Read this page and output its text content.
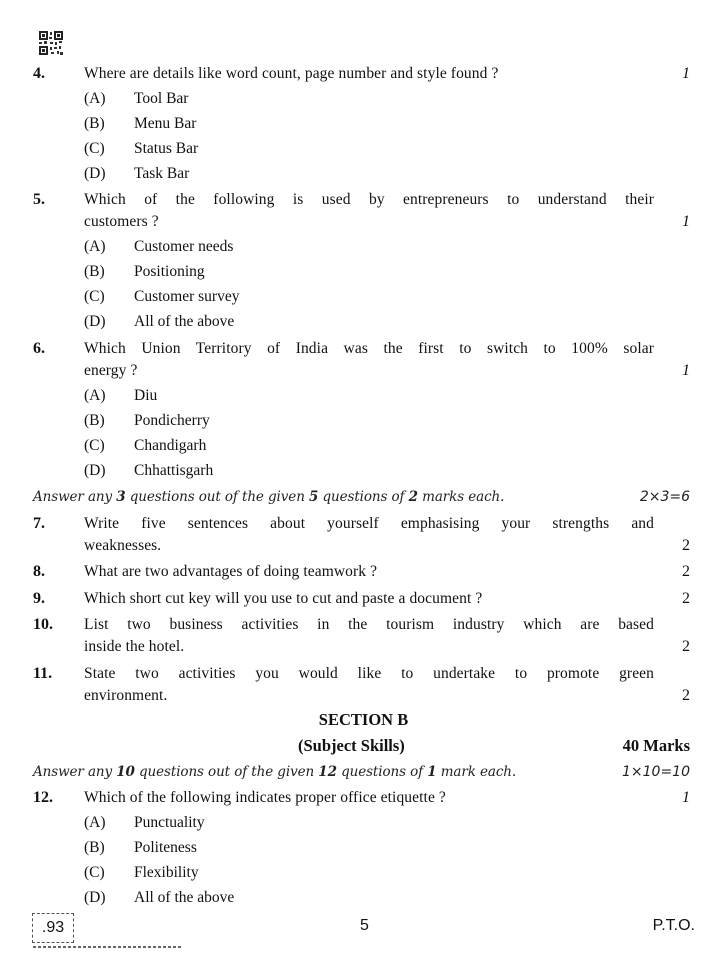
4.	Where are details like word count, page number and style found ?	1
(A) Tool Bar
(B) Menu Bar
(C) Status Bar
(D) Task Bar
5.	Which of the following is used by entrepreneurs to understand their
customers ?	1
(A) Customer needs
(B) Positioning
(C) Customer survey
(D) All of the above
6.	Which Union Territory of India was the first to switch to 100% solar
energy ?	1
(A) Diu
(B) Pondicherry
(C) Chandigarh
(D) Chhattisgarh
Answer any 3 questions out of the given 5 questions of 2 marks each.	2×3=6
7.	Write five sentences about yourself emphasising your strengths and
weaknesses.	2
8.	What are two advantages of doing teamwork ?	2
9.	Which short cut key will you use to cut and paste a document ?	2
10. List two business activities in the tourism industry which are based
inside the hotel.	2
11. State two activities you would like to undertake to promote green
environment.	2
SECTION B
(Subject Skills)	40 Marks
Answer any 10 questions out of the given 12 questions of 1 mark each.	1×10=10
12. Which of the following indicates proper office etiquette ?	1
(A) Punctuality
(B) Politeness
(C) Flexibility
(D) All of the above
.93	5	P.T.O.
